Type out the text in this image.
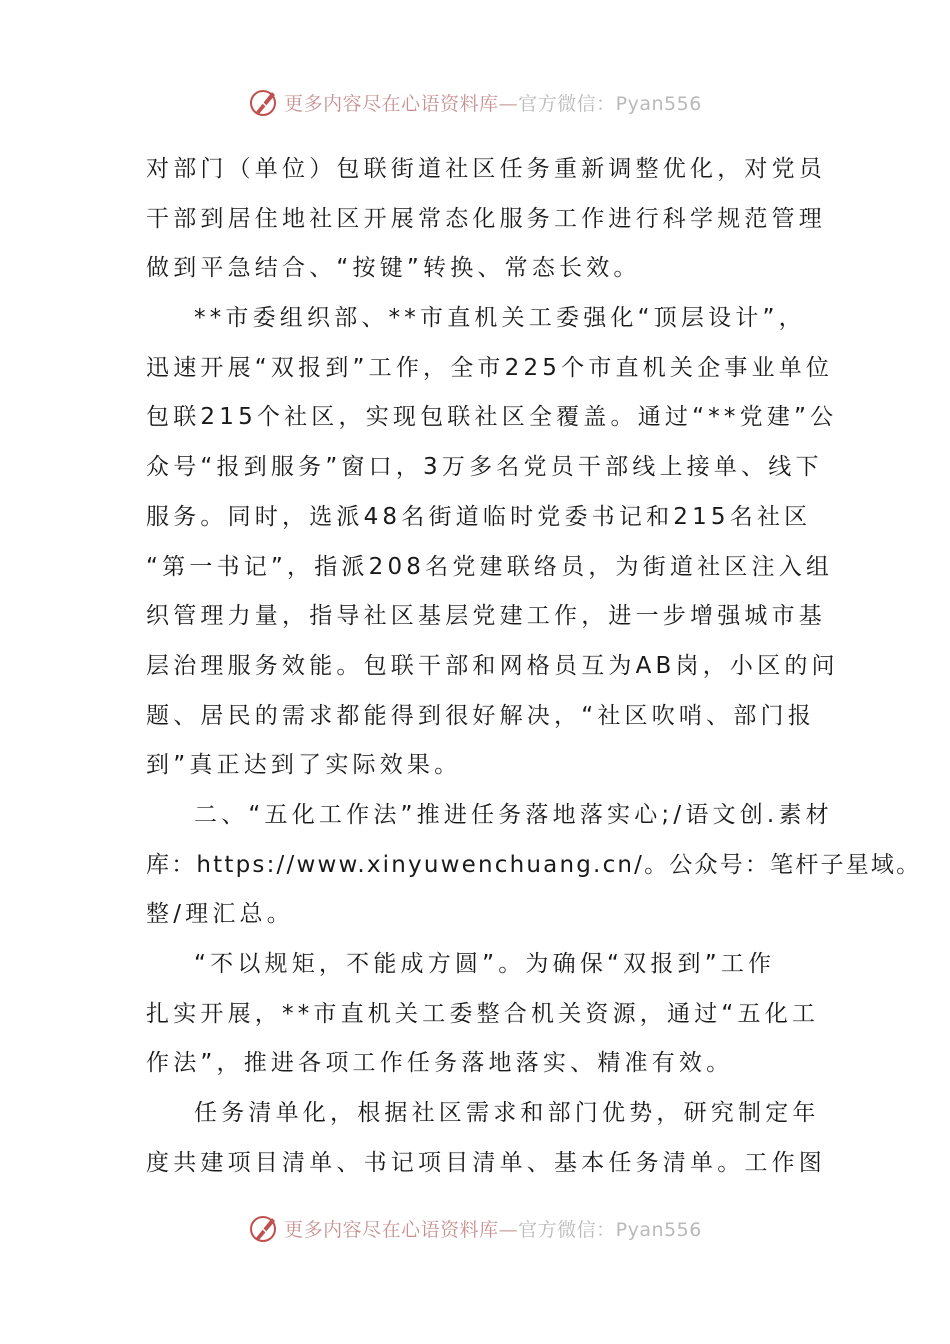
更多内容尽在心语资料库—官方微信：Pyan556
对部门（单位）包联街道社区任务重新调整优化，对党员
干部到居住地社区开展常态化服务工作进行科学规范管理
做到平急结合、“按键”转换、常态长效。
**市委组织部、**市直机关工委强化“顶层设计”，
迅速开展“双报到”工作，全市225个市直机关企事业单位
包联215个社区，实现包联社区全覆盖。通过“**党建”公
众号“报到服务”窗口，3万多名党员干部线上接单、线下
服务。同时，选派48名街道临时党委书记和215名社区
“第一书记”，指派208名党建联络员，为街道社区注入组
织管理力量，指导社区基层党建工作，进一步增强城市基
层治理服务效能。包联干部和网格员互为AB岗，小区的问
题、居民的需求都能得到很好解决，“社区吹哨、部门报
到”真正达到了实际效果。
二、“五化工作法”推进任务落地落实心;/语文创.素材
库：https://www.xinyuwenchuang.cn/。公众号：笔杆子星域。
整/理汇总。
“不以规矩，不能成方圆”。为确保“双报到”工作
扎实开展，**市直机关工委整合机关资源，通过“五化工
作法”，推进各项工作任务落地落实、精准有效。
任务清单化，根据社区需求和部门优势，研究制定年
度共建项目清单、书记项目清单、基本任务清单。工作图
更多内容尽在心语资料库—官方微信：Pyan556
